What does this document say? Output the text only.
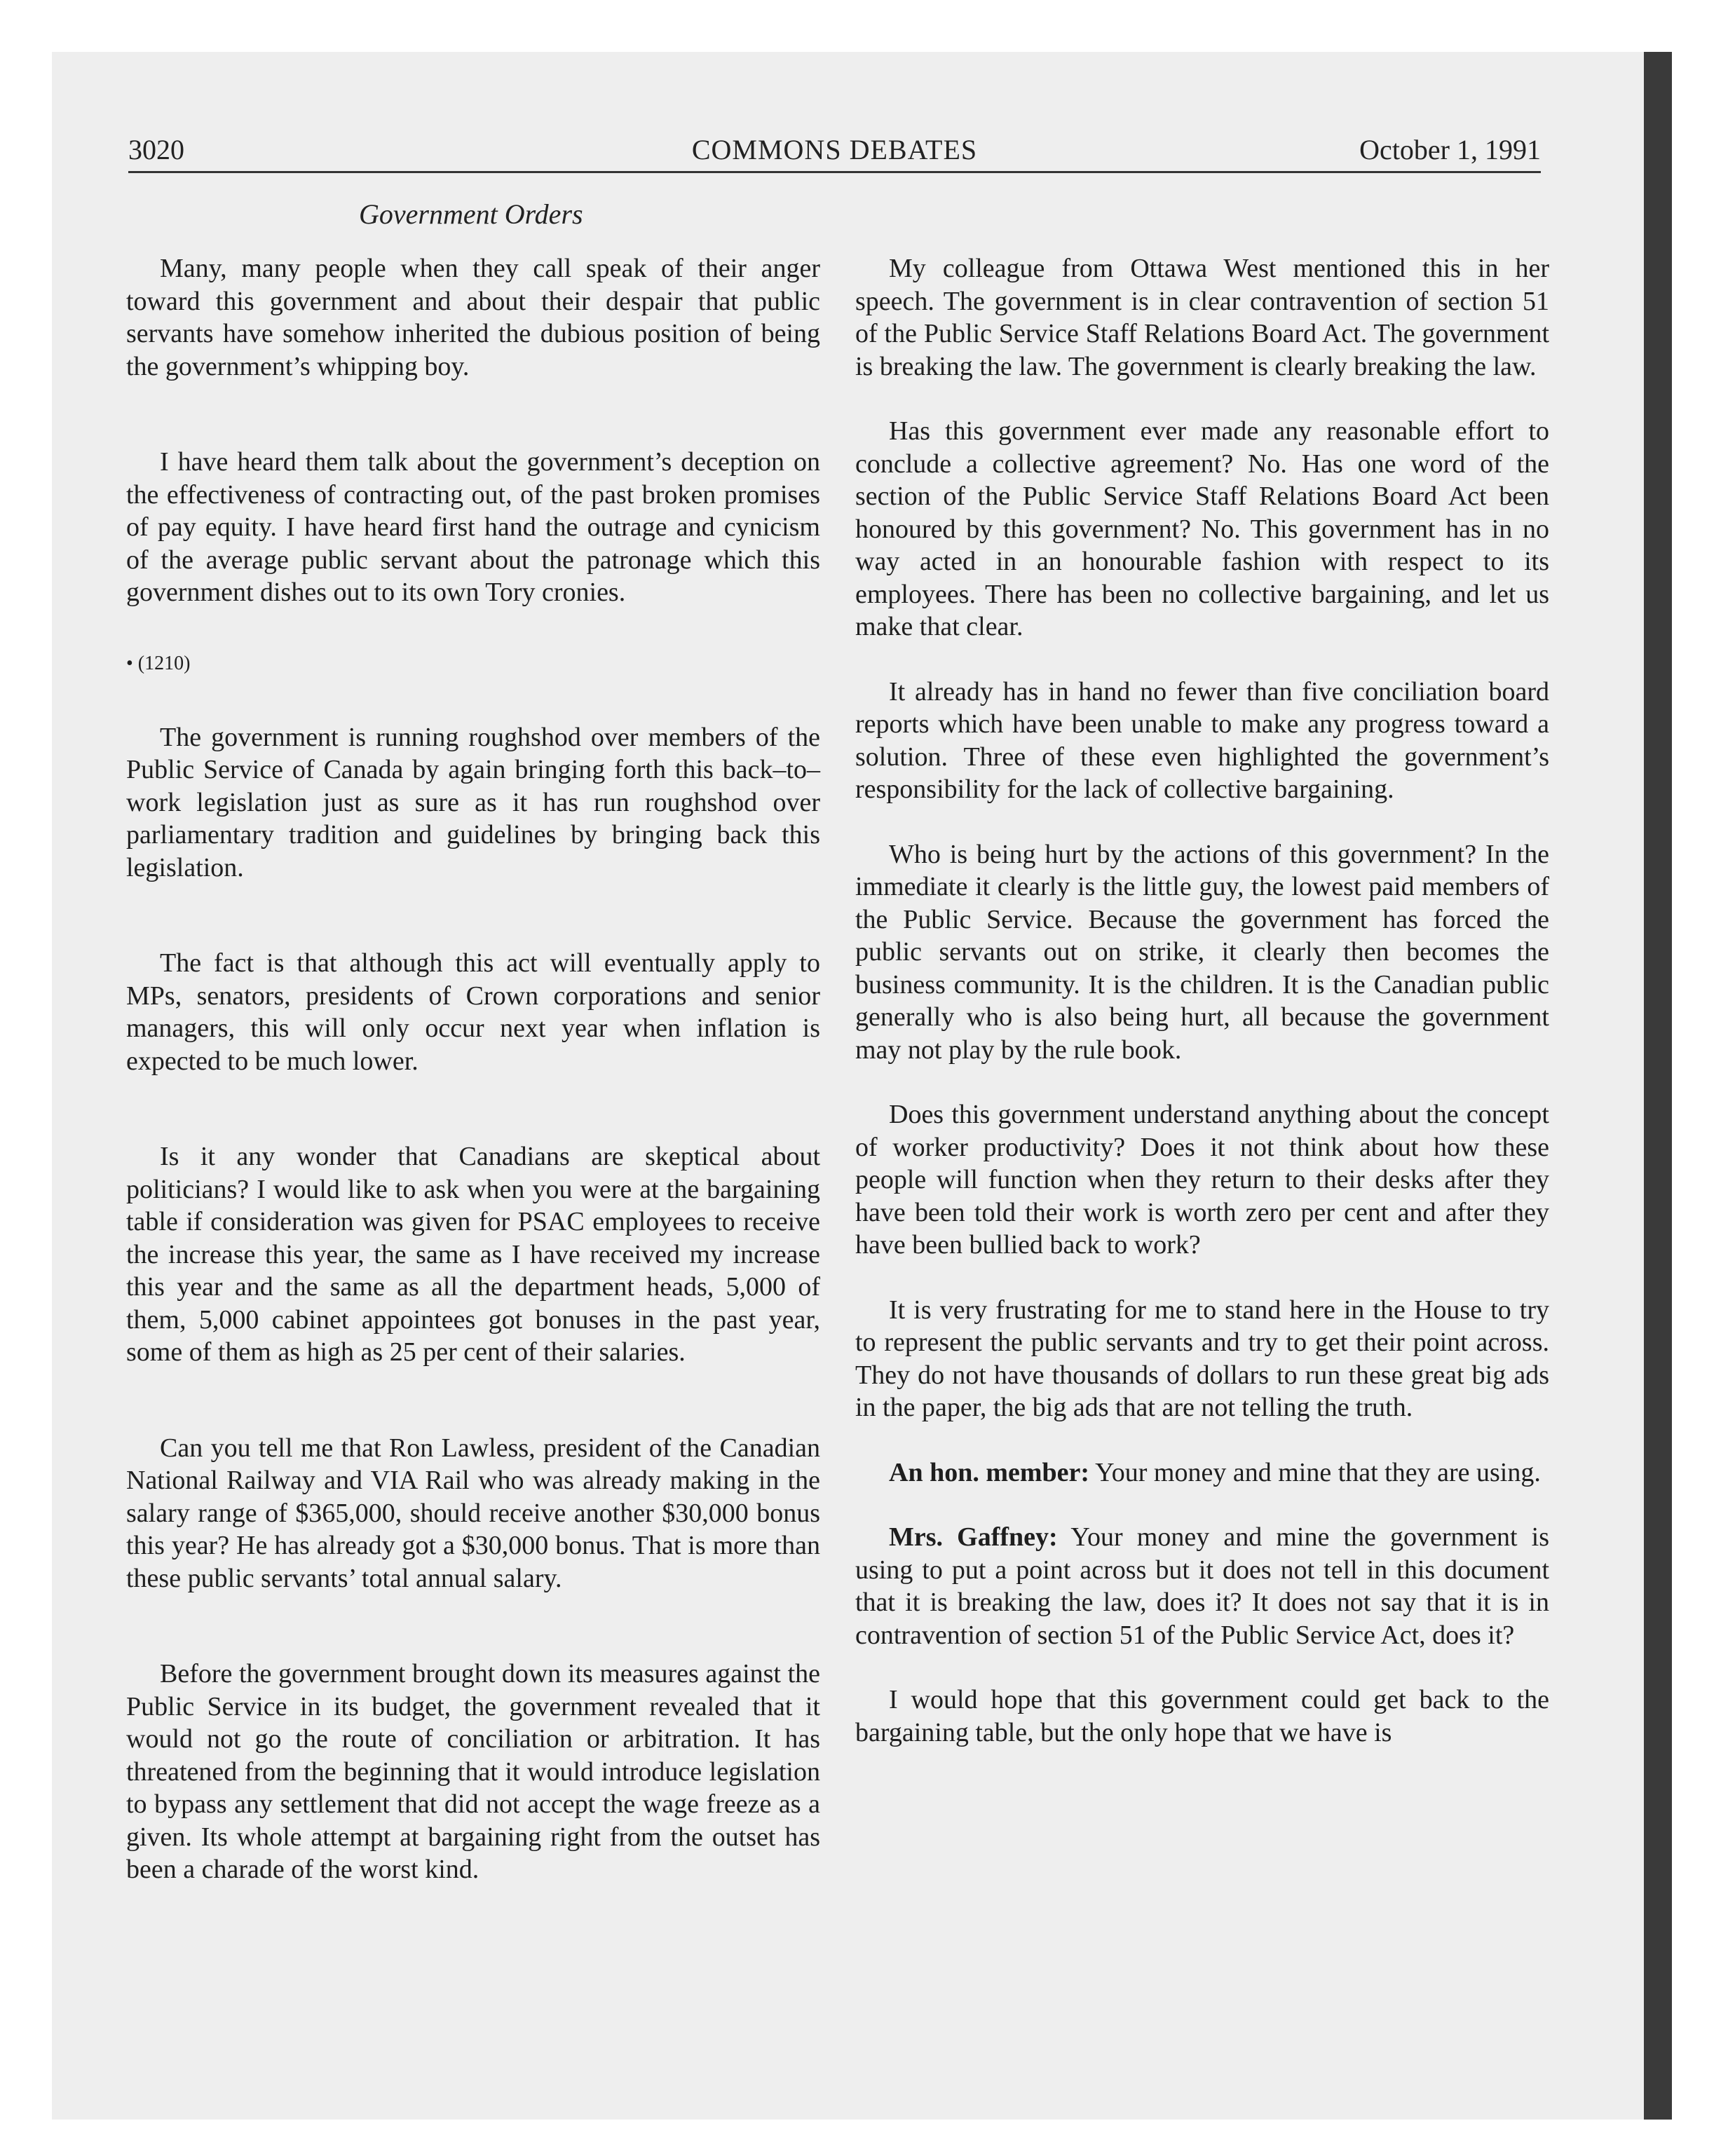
3020	COMMONS DEBATES	October 1, 1991
Government Orders

Many, many people when they call speak of their anger toward this government and about their despair that public servants have somehow inherited the dubious position of being the government’s whipping boy.

I have heard them talk about the government’s deception on the effectiveness of contracting out, of the past broken promises of pay equity. I have heard first hand the outrage and cynicism of the average public servant about the patronage which this government dishes out to its own Tory cronies.

• (1210)

The government is running roughshod over members of the Public Service of Canada by again bringing forth this back–to–work legislation just as sure as it has run roughshod over parliamentary tradition and guidelines by bringing back this legislation.

The fact is that although this act will eventually apply to MPs, senators, presidents of Crown corporations and senior managers, this will only occur next year when inflation is expected to be much lower.

Is it any wonder that Canadians are skeptical about politicians? I would like to ask when you were at the bargaining table if consideration was given for PSAC employees to receive the increase this year, the same as I have received my increase this year and the same as all the department heads, 5,000 of them, 5,000 cabinet appointees got bonuses in the past year, some of them as high as 25 per cent of their salaries.

Can you tell me that Ron Lawless, president of the Canadian National Railway and VIA Rail who was already making in the salary range of $365,000, should receive another $30,000 bonus this year? He has already got a $30,000 bonus. That is more than these public servants’ total annual salary.

Before the government brought down its measures against the Public Service in its budget, the government revealed that it would not go the route of conciliation or arbitration. It has threatened from the beginning that it would introduce legislation to bypass any settlement that did not accept the wage freeze as a given. Its whole attempt at bargaining right from the outset has been a charade of the worst kind.

My colleague from Ottawa West mentioned this in her speech. The government is in clear contravention of section 51 of the Public Service Staff Relations Board Act. The government is breaking the law. The government is clearly breaking the law.

Has this government ever made any reasonable effort to conclude a collective agreement? No. Has one word of the section of the Public Service Staff Relations Board Act been honoured by this government? No. This government has in no way acted in an honourable fashion with respect to its employees. There has been no collective bargaining, and let us make that clear.

It already has in hand no fewer than five conciliation board reports which have been unable to make any progress toward a solution. Three of these even highlighted the government’s responsibility for the lack of collective bargaining.

Who is being hurt by the actions of this government? In the immediate it clearly is the little guy, the lowest paid members of the Public Service. Because the government has forced the public servants out on strike, it clearly then becomes the business community. It is the children. It is the Canadian public generally who is also being hurt, all because the government may not play by the rule book.

Does this government understand anything about the concept of worker productivity? Does it not think about how these people will function when they return to their desks after they have been told their work is worth zero per cent and after they have been bullied back to work?

It is very frustrating for me to stand here in the House to try to represent the public servants and try to get their point across. They do not have thousands of dollars to run these great big ads in the paper, the big ads that are not telling the truth.

An hon. member: Your money and mine that they are using.

Mrs. Gaffney: Your money and mine the government is using to put a point across but it does not tell in this document that it is breaking the law, does it? It does not say that it is in contravention of section 51 of the Public Service Act, does it?

I would hope that this government could get back to the bargaining table, but the only hope that we have is
